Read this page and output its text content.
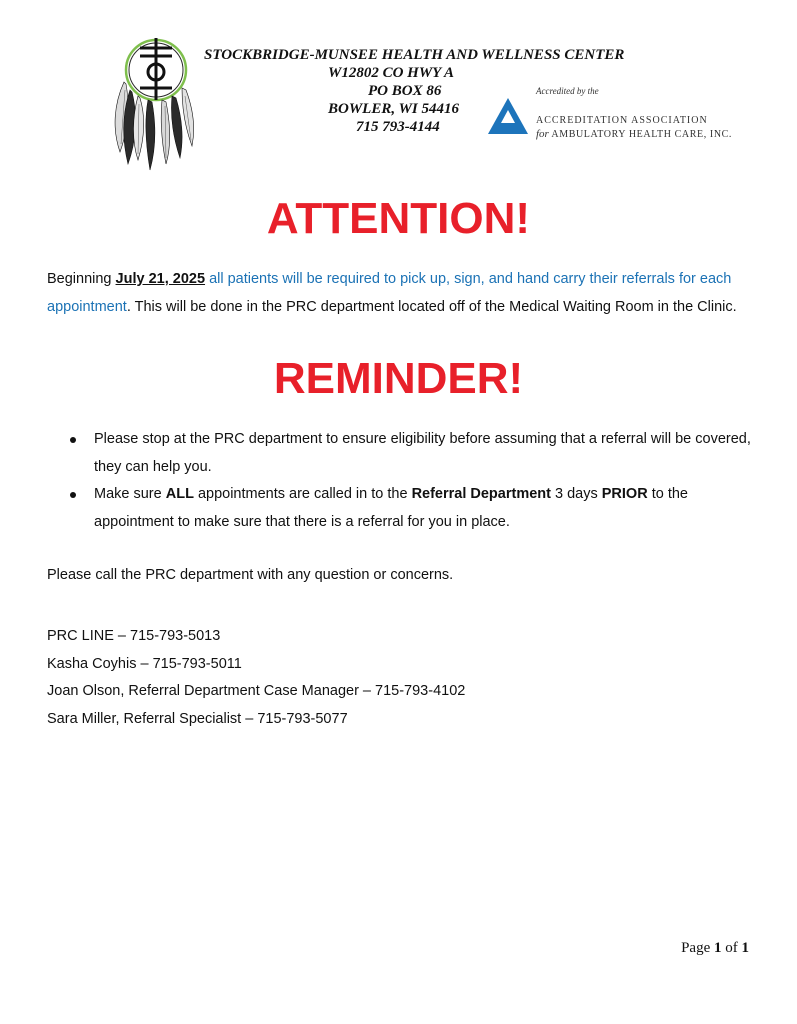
STOCKBRIDGE-MUNSEE HEALTH AND WELLNESS CENTER
W12802 CO HWY A
PO BOX 86
BOWLER, WI 54416
715 793-4144
Accredited by the
ACCREDITATION ASSOCIATION
for AMBULATORY HEALTH CARE, INC.
ATTENTION!
Beginning July 21, 2025 all patients will be required to pick up, sign, and hand carry their referrals for each appointment. This will be done in the PRC department located off of the Medical Waiting Room in the Clinic.
REMINDER!
Please stop at the PRC department to ensure eligibility before assuming that a referral will be covered, they can help you.
Make sure ALL appointments are called in to the Referral Department 3 days PRIOR to the appointment to make sure that there is a referral for you in place.
Please call the PRC department with any question or concerns.
PRC LINE – 715-793-5013
Kasha Coyhis – 715-793-5011
Joan Olson, Referral Department Case Manager – 715-793-4102
Sara Miller, Referral Specialist – 715-793-5077
Page 1 of 1
